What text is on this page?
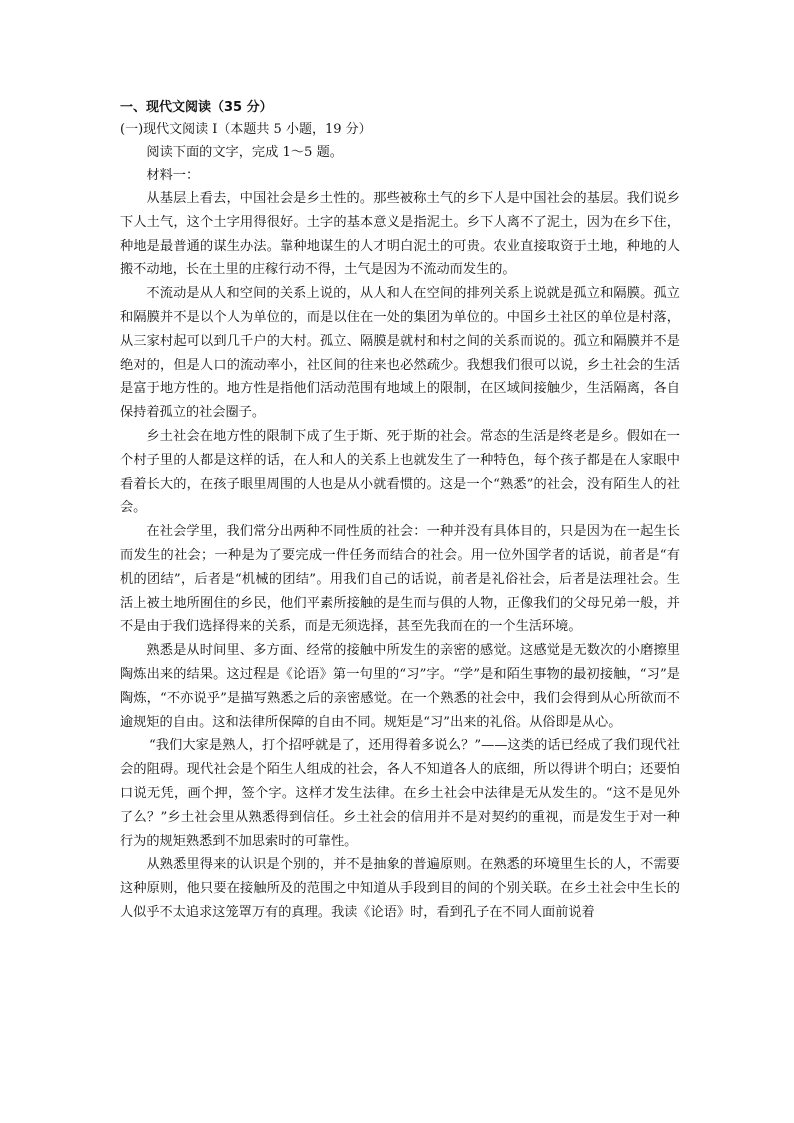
一、现代文阅读（35 分）
(一)现代文阅读 I（本题共 5 小题，19 分）
阅读下面的文字，完成 1～5 题。
材料一：

从基层上看去，中国社会是乡土性的。那些被称土气的乡下人是中国社会的基层。我们说乡下人土气，这个土字用得很好。土字的基本意义是指泥土。乡下人离不了泥土，因为在乡下住，种地是最普通的谋生办法。靠种地谋生的人才明白泥土的可贵。农业直接取资于土地，种地的人搬不动地，长在土里的庄稼行动不得，土气是因为不流动而发生的。

不流动是从人和空间的关系上说的，从人和人在空间的排列关系上说就是孤立和隔膜。孤立和隔膜并不是以个人为单位的，而是以住在一处的集团为单位的。中国乡土社区的单位是村落，从三家村起可以到几千户的大村。孤立、隔膜是就村和村之间的关系而说的。孤立和隔膜并不是绝对的，但是人口的流动率小，社区间的往来也必然疏少。我想我们很可以说，乡土社会的生活是富于地方性的。地方性是指他们活动范围有地域上的限制，在区域间接触少，生活隔离，各自保持着孤立的社会圈子。

乡土社会在地方性的限制下成了生于斯、死于斯的社会。常态的生活是终老是乡。假如在一个村子里的人都是这样的话，在人和人的关系上也就发生了一种特色，每个孩子都是在人家眼中看着长大的，在孩子眼里周围的人也是从小就看惯的。这是一个“熟悉”的社会，没有陌生人的社会。

在社会学里，我们常分出两种不同性质的社会：一种并没有具体目的，只是因为在一起生长而发生的社会；一种是为了要完成一件任务而结合的社会。用一位外国学者的话说，前者是“有机的团结”，后者是“机械的团结”。用我们自己的话说，前者是礼俗社会，后者是法理社会。生活上被土地所囿住的乡民，他们平素所接触的是生而与俱的人物，正像我们的父母兄弟一般，并不是由于我们选择得来的关系，而是无须选择，甚至先我而在的一个生活环境。

熟悉是从时间里、多方面、经常的接触中所发生的亲密的感觉。这感觉是无数次的小磨擦里陶炼出来的结果。这过程是《论语》第一句里的“习”字。“学”是和陌生事物的最初接触，“习”是陶炼，“不亦说乎”是描写熟悉之后的亲密感觉。在一个熟悉的社会中，我们会得到从心所欲而不逾规矩的自由。这和法律所保障的自由不同。规矩是“习”出来的礼俗。从俗即是从心。

“我们大家是熟人，打个招呼就是了，还用得着多说么？”——这类的话已经成了我们现代社会的阻碍。现代社会是个陌生人组成的社会，各人不知道各人的底细，所以得讲个明白；还要怕口说无凭，画个押，签个字。这样才发生法律。在乡土社会中法律是无从发生的。“这不是见外了么？”乡土社会里从熟悉得到信任。乡土社会的信用并不是对契约的重视，而是发生于对一种行为的规矩熟悉到不加思索时的可靠性。

从熟悉里得来的认识是个别的，并不是抽象的普遍原则。在熟悉的环境里生长的人，不需要这种原则，他只要在接触所及的范围之中知道从手段到目的间的个别关联。在乡土社会中生长的人似乎不太追求这笼罩万有的真理。我读《论语》时，看到孔子在不同人面前说着
